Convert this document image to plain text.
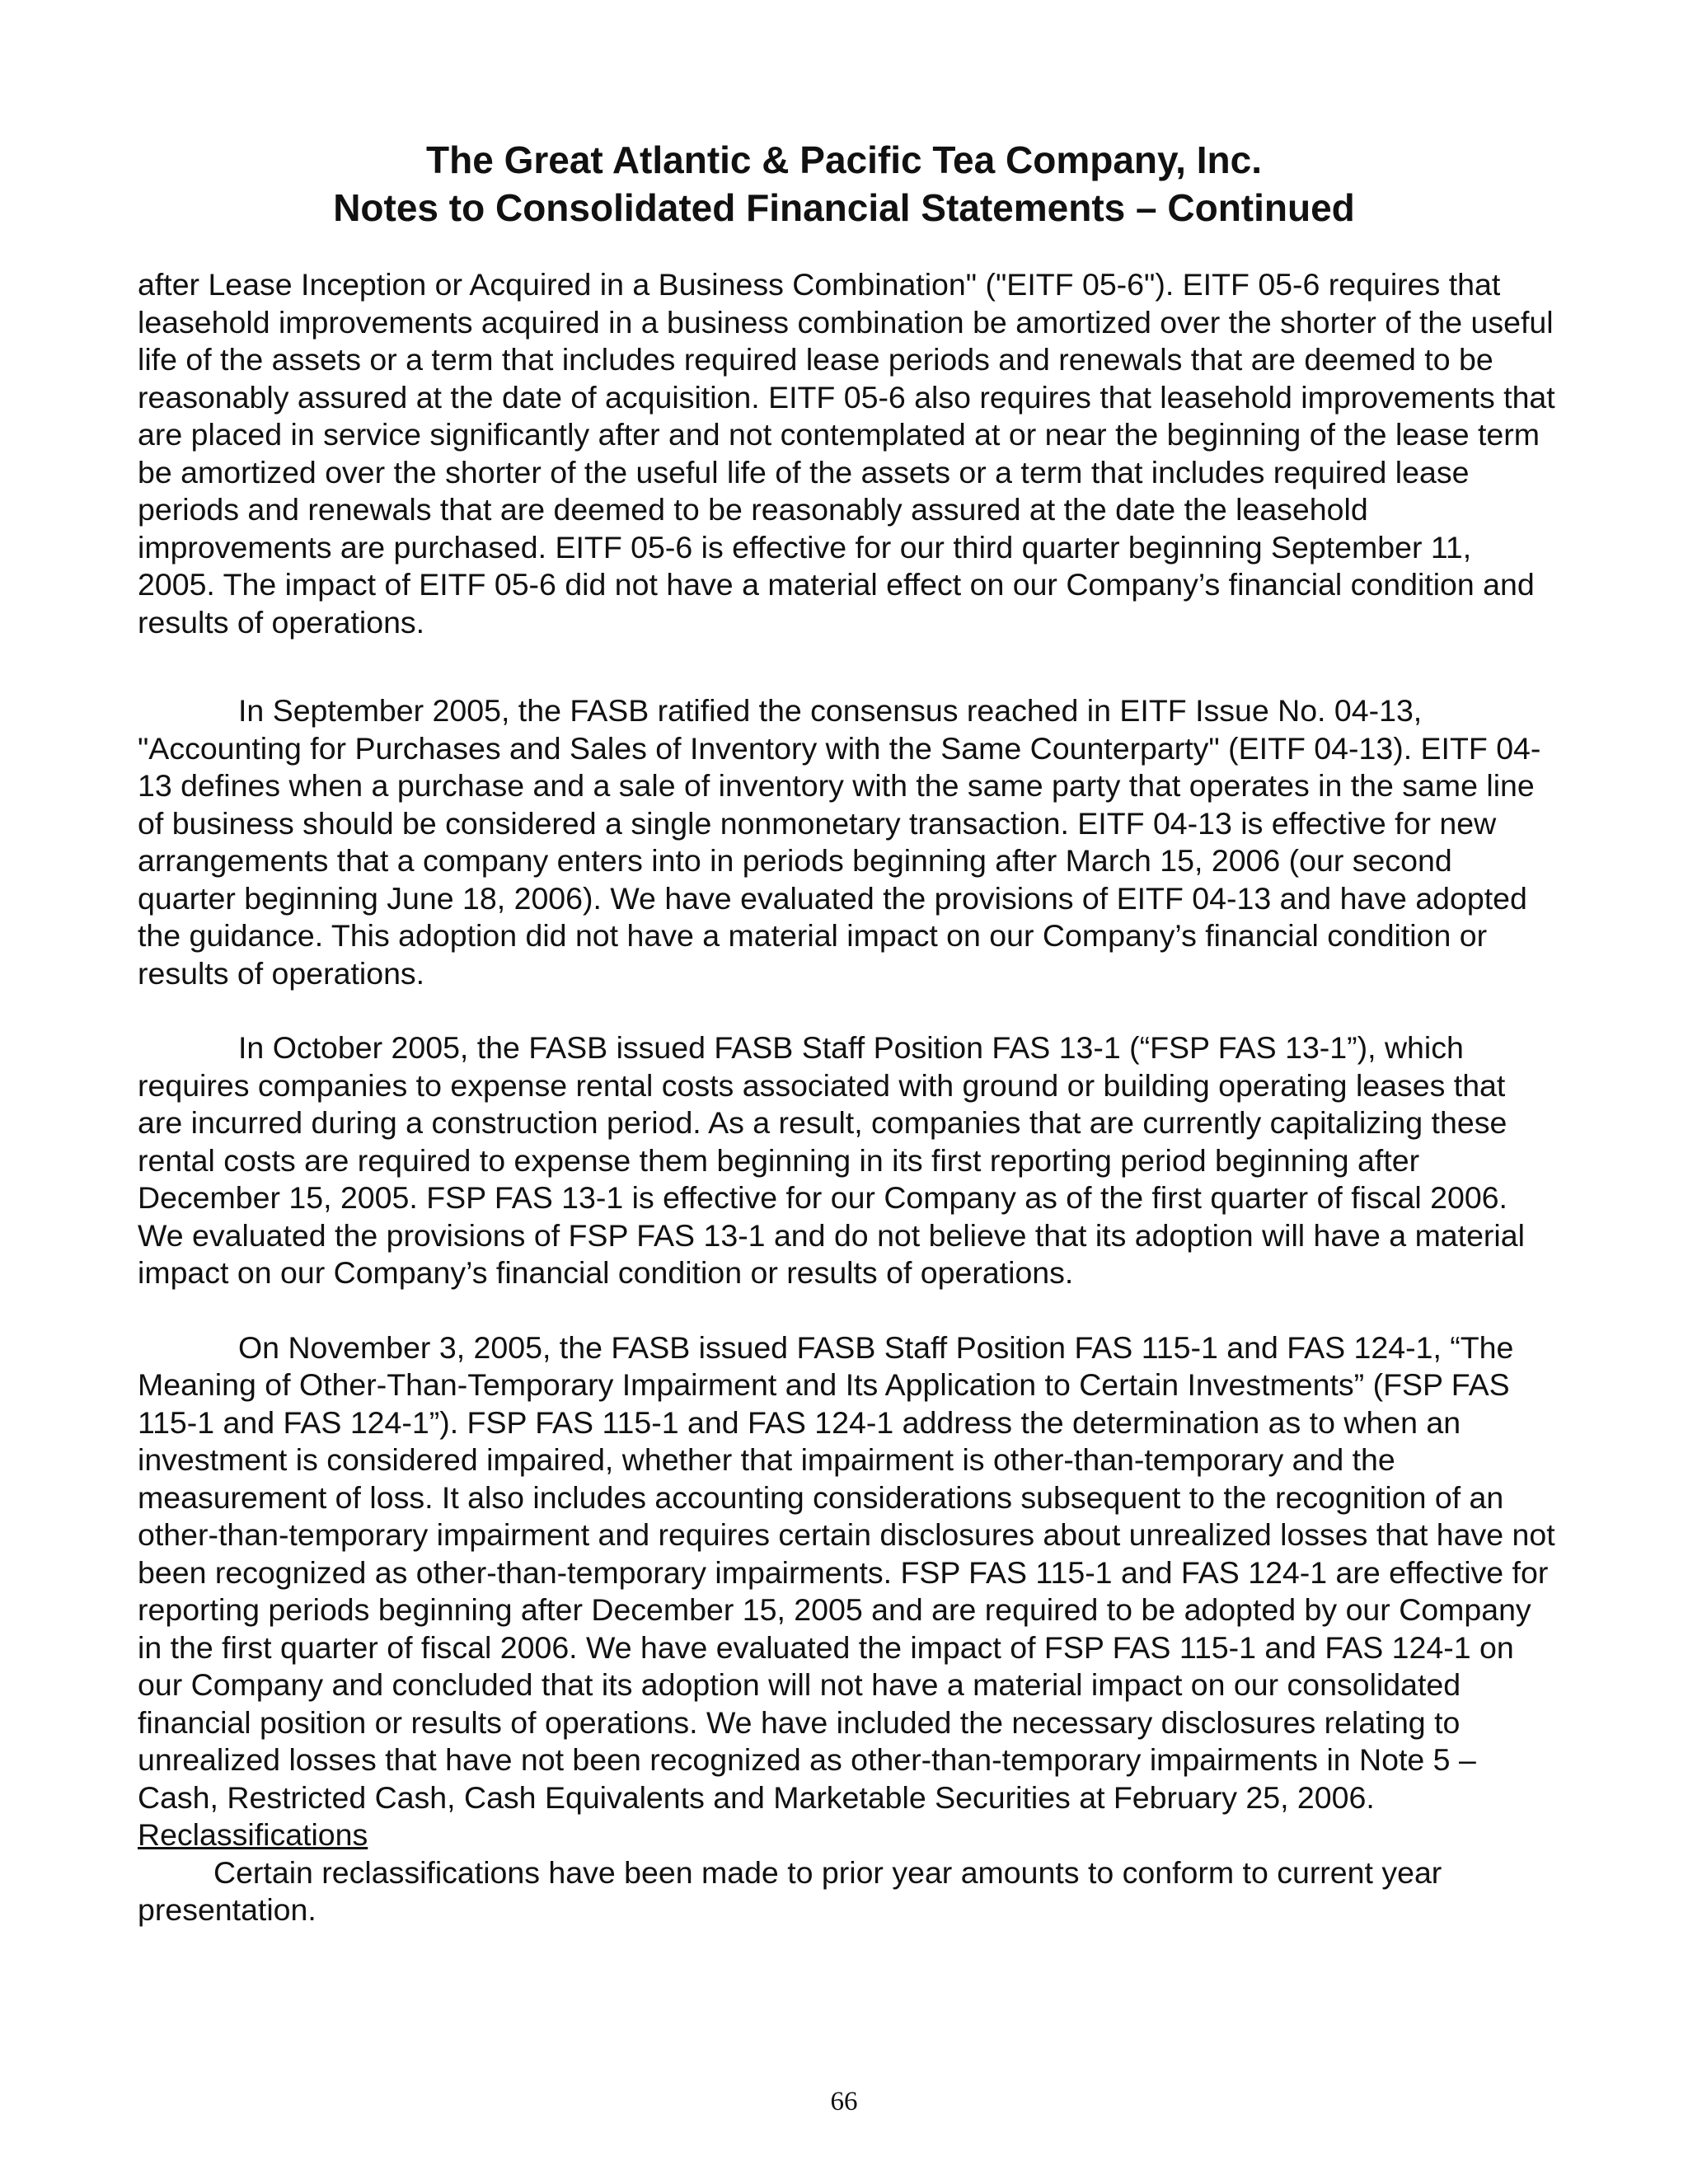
The Great Atlantic & Pacific Tea Company, Inc.
Notes to Consolidated Financial Statements – Continued

after Lease Inception or Acquired in a Business Combination" ("EITF 05-6"). EITF 05-6 requires that leasehold improvements acquired in a business combination be amortized over the shorter of the useful life of the assets or a term that includes required lease periods and renewals that are deemed to be reasonably assured at the date of acquisition. EITF 05-6 also requires that leasehold improvements that are placed in service significantly after and not contemplated at or near the beginning of the lease term be amortized over the shorter of the useful life of the assets or a term that includes required lease periods and renewals that are deemed to be reasonably assured at the date the leasehold improvements are purchased. EITF 05-6 is effective for our third quarter beginning September 11, 2005. The impact of EITF 05-6 did not have a material effect on our Company’s financial condition and results of operations.

In September 2005, the FASB ratified the consensus reached in EITF Issue No. 04-13, "Accounting for Purchases and Sales of Inventory with the Same Counterparty" (EITF 04-13). EITF 04-13 defines when a purchase and a sale of inventory with the same party that operates in the same line of business should be considered a single nonmonetary transaction. EITF 04-13 is effective for new arrangements that a company enters into in periods beginning after March 15, 2006 (our second quarter beginning June 18, 2006). We have evaluated the provisions of EITF 04-13 and have adopted the guidance. This adoption did not have a material impact on our Company’s financial condition or results of operations.

In October 2005, the FASB issued FASB Staff Position FAS 13-1 (“FSP FAS 13-1”), which requires companies to expense rental costs associated with ground or building operating leases that are incurred during a construction period. As a result, companies that are currently capitalizing these rental costs are required to expense them beginning in its first reporting period beginning after December 15, 2005. FSP FAS 13-1 is effective for our Company as of the first quarter of fiscal 2006. We evaluated the provisions of FSP FAS 13-1 and do not believe that its adoption will have a material impact on our Company’s financial condition or results of operations.

On November 3, 2005, the FASB issued FASB Staff Position FAS 115-1 and FAS 124-1, “The Meaning of Other-Than-Temporary Impairment and Its Application to Certain Investments” (FSP FAS 115-1 and FAS 124-1”). FSP FAS 115-1 and FAS 124-1 address the determination as to when an investment is considered impaired, whether that impairment is other-than-temporary and the measurement of loss. It also includes accounting considerations subsequent to the recognition of an other-than-temporary impairment and requires certain disclosures about unrealized losses that have not been recognized as other-than-temporary impairments. FSP FAS 115-1 and FAS 124-1 are effective for reporting periods beginning after December 15, 2005 and are required to be adopted by our Company in the first quarter of fiscal 2006. We have evaluated the impact of FSP FAS 115-1 and FAS 124-1 on our Company and concluded that its adoption will not have a material impact on our consolidated financial position or results of operations. We have included the necessary disclosures relating to unrealized losses that have not been recognized as other-than-temporary impairments in Note 5 – Cash, Restricted Cash, Cash Equivalents and Marketable Securities at February 25, 2006.

Reclassifications

Certain reclassifications have been made to prior year amounts to conform to current year presentation.

66
